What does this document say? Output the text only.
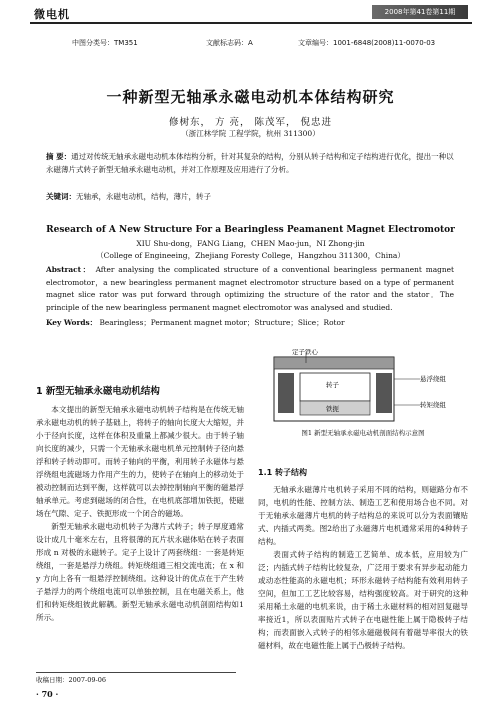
微电机	2008年第41卷第11期
中图分类号：TM351	文献标志码：A	文章编号：1001-6848(2008)11-0070-03
一种新型无轴承永磁电动机本体结构研究
修树东， 方 亮， 陈茂军， 倪忠进
（浙江林学院 工程学院，杭州 311300）
摘 要：通过对传统无轴承永磁电动机本体结构分析，针对其复杂的结构，分别从转子结构和定子结构进行优化，提出一种以永磁薄片式转子新型无轴承永磁电动机，并对工作原理及应用进行了分析。
关键词：无轴承，永磁电动机，结构，薄片，转子
Research of A New Structure For a Bearingless Peamanent Magnet Electromotor
XIU Shu-dong，FANG Liang，CHEN Mao-jun，NI Zhong-jin
（College of Engineeing，Zhejiang Foresty College，Hangzhou 311300，China）
Abstract： After analysing the complicated structure of a conventional bearingless permanent magnet electromotor，a new bearingless permanent magnet electromotor structure based on a type of permanent magnet slice rator was put forward through optimizing the structure of the rator and the stator．The principle of the new bearingless permanent magnet electromotor was analysed and studied.
Key Words： Bearingless；Permanent magnet motor；Structure；Slice；Rotor
1 新型无轴承永磁电动机结构

本文提出的新型无轴承永磁电动机转子结构是在传统无轴承永磁电动机的转子基础上，将转子的轴向长度大大缩短，并小于径向长度，这样在体积及重量上都减少很大。由于转子轴向长度的减少，只需一个无轴承永磁电机单元控制转子径向悬浮和转子转动即可。而转子轴向的平衡，利用转子永磁体与悬浮绕组电流磁场力作用产生的力，使转子在轴向上的移动处于被动控制而达到平衡，这样就可以去掉控制轴向平衡的磁悬浮轴承单元。考虑到磁场的闭合性，在电机底部增加铁扼，使磁场在气隙、定子、铁扼形成一个闭合的磁场。

新型无轴承永磁电动机转子为薄片式转子；转子厚度通常设计成几十毫米左右，且将很薄的瓦片状永磁体贴在转子表面形成 n 对极的永磁转子。定子上设计了两套绕组：一套是转矩绕组，一套是悬浮力绕组。转矩绕组通三相交流电流；在 x 和 y 方向上各有一组悬浮控制绕组。这种设计的优点在于产生转子悬浮力的两个绕组电流可以单独控制，且在电磁关系上，他们和转矩绕组彼此解耦。新型无轴承永磁电动机剖面结构如1所示。

定子铁心
悬浮绕组
转子
铁扼	转矩绕组
图1 新型无轴承永磁电动机剖面结构示意图
1.1 转子结构

无轴承永磁薄片电机转子采用不同的结构，则磁路分布不同，电机的性能、控制方法、制造工艺和使用场合也不同。对于无轴承永磁薄片电机的转子结构总的来说可以分为表面镶贴式、内插式两类。图2给出了永磁薄片电机通常采用的4种转子结构。

表面式转子结构的制造工艺简单、成本低，应用较为广泛；内插式转子结构比较复杂，广泛用于要求有异步起动能力或动态性能高的永磁电机；环形永磁转子结构能有效利用转子空间，但加工工艺比较容易，结构强度较高。对于研究的这种采用稀土永磁的电机来说，由于稀土永磁材料的相对回复磁导率接近1，所以表面贴片式转子在电磁性能上属于隐极转子结构；而表面嵌入式转子的相邻永磁磁极间有着磁导率很大的铁磁材料，故在电磁性能上属于凸极转子结构。

收稿日期：2007-09-06
· 70 ·
